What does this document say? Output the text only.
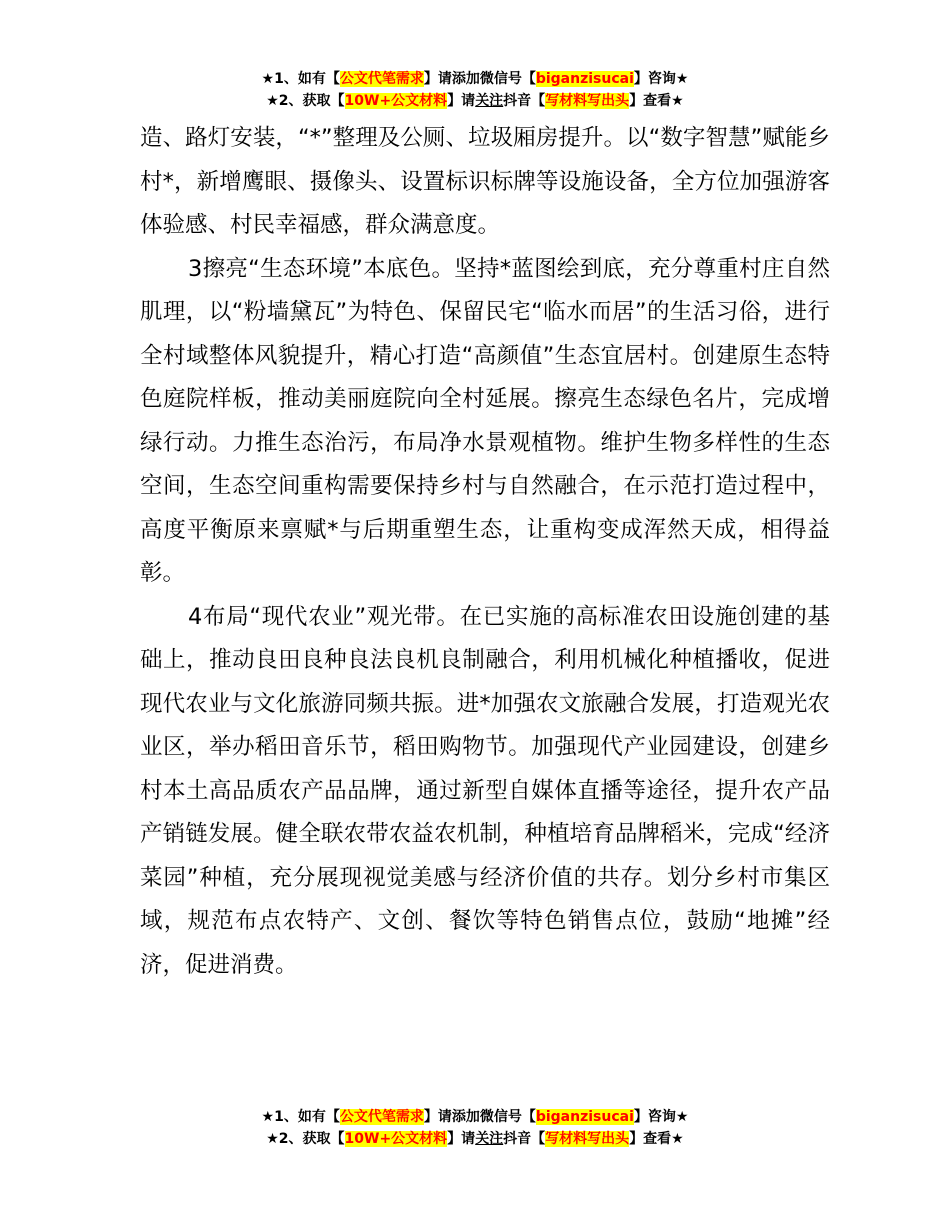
★1、如有【公文代笔需求】请添加微信号【biganzisucai】咨询★
★2、获取【10W+公文材料】请关注抖音【写材料写出头】查看★

造、路灯安装，“*”整理及公厕、垃圾厢房提升。以“数字智慧”赋能乡村*，新增鹰眼、摄像头、设置标识标牌等设施设备，全方位加强游客体验感、村民幸福感，群众满意度。

3擦亮“生态环境”本底色。坚持*蓝图绘到底，充分尊重村庄自然肌理，以“粉墙黛瓦”为特色、保留民宅“临水而居”的生活习俗，进行全村域整体风貌提升，精心打造“高颜值”生态宜居村。创建原生态特色庭院样板，推动美丽庭院向全村延展。擦亮生态绿色名片，完成增绿行动。力推生态治污，布局净水景观植物。维护生物多样性的生态空间，生态空间重构需要保持乡村与自然融合，在示范打造过程中，高度平衡原来禀赋*与后期重塑生态，让重构变成浑然天成，相得益彰。

4布局“现代农业”观光带。在已实施的高标准农田设施创建的基础上，推动良田良种良法良机良制融合，利用机械化种植播收，促进现代农业与文化旅游同频共振。进*加强农文旅融合发展，打造观光农业区，举办稻田音乐节，稻田购物节。加强现代产业园建设，创建乡村本土高品质农产品品牌，通过新型自媒体直播等途径，提升农产品产销链发展。健全联农带农益农机制，种植培育品牌稻米，完成“经济菜园”种植，充分展现视觉美感与经济价值的共存。划分乡村市集区域，规范布点农特产、文创、餐饮等特色销售点位，鼓励“地摊”经济，促进消费。

★1、如有【公文代笔需求】请添加微信号【biganzisucai】咨询★
★2、获取【10W+公文材料】请关注抖音【写材料写出头】查看★
